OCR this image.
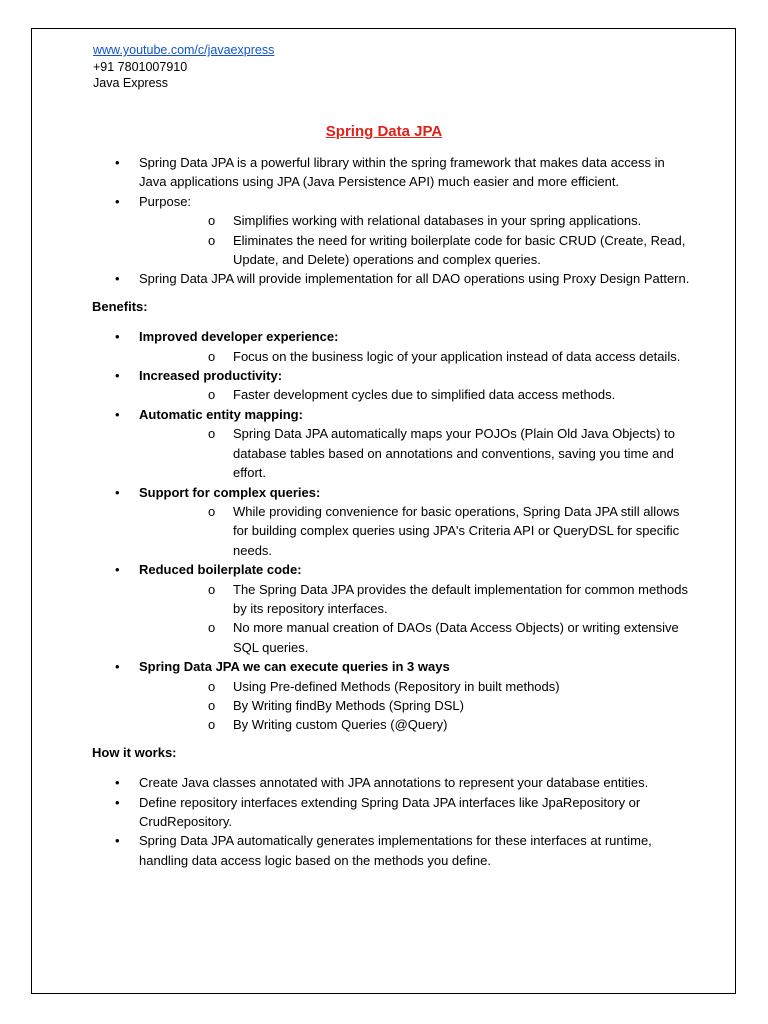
www.youtube.com/c/javaexpress
+91 7801007910
Java Express
Spring Data JPA
• Spring Data JPA is a powerful library within the spring framework that makes data access in Java applications using JPA (Java Persistence API) much easier and more efficient.
• Purpose:
o Simplifies working with relational databases in your spring applications.
o Eliminates the need for writing boilerplate code for basic CRUD (Create, Read, Update, and Delete) operations and complex queries.
• Spring Data JPA will provide implementation for all DAO operations using Proxy Design Pattern.
Benefits:
• Improved developer experience:
o Focus on the business logic of your application instead of data access details.
• Increased productivity:
o Faster development cycles due to simplified data access methods.
• Automatic entity mapping:
o Spring Data JPA automatically maps your POJOs (Plain Old Java Objects) to database tables based on annotations and conventions, saving you time and effort.
• Support for complex queries:
o While providing convenience for basic operations, Spring Data JPA still allows for building complex queries using JPA's Criteria API or QueryDSL for specific needs.
• Reduced boilerplate code:
o The Spring Data JPA provides the default implementation for common methods by its repository interfaces.
o No more manual creation of DAOs (Data Access Objects) or writing extensive SQL queries.
• Spring Data JPA we can execute queries in 3 ways
o Using Pre-defined Methods (Repository in built methods)
o By Writing findBy Methods (Spring DSL)
o By Writing custom Queries (@Query)
How it works:
• Create Java classes annotated with JPA annotations to represent your database entities.
• Define repository interfaces extending Spring Data JPA interfaces like JpaRepository or CrudRepository.
• Spring Data JPA automatically generates implementations for these interfaces at runtime, handling data access logic based on the methods you define.
